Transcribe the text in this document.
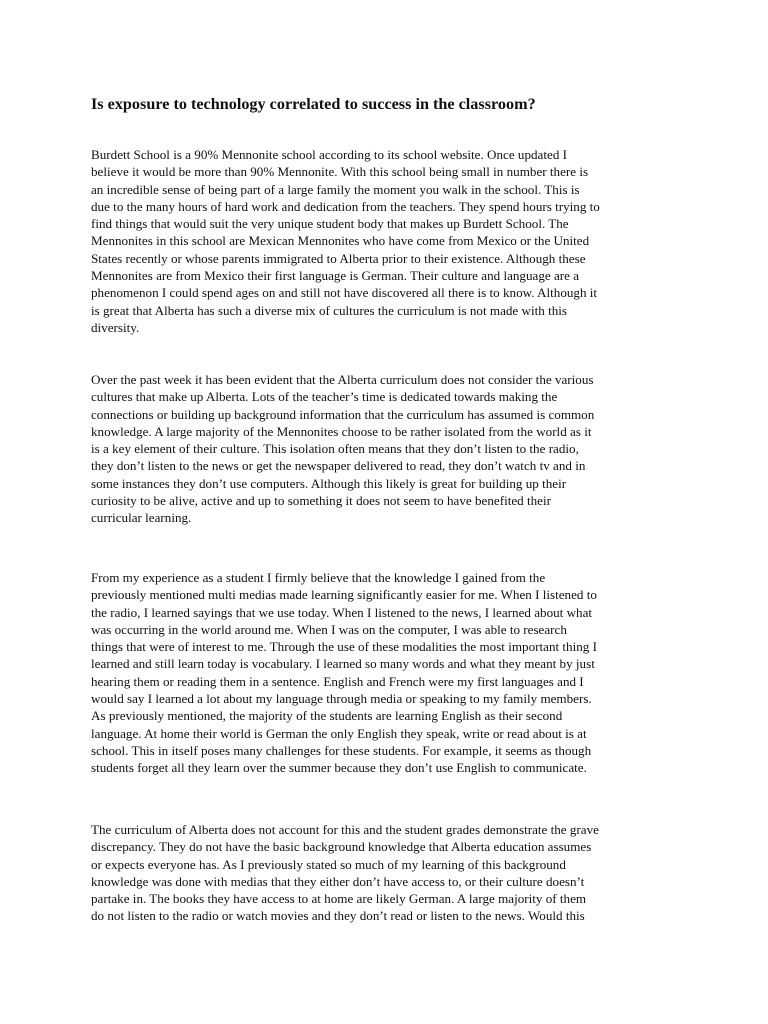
Is exposure to technology correlated to success in the classroom?

Burdett School is a 90% Mennonite school according to its school website. Once updated I
believe it would be more than 90% Mennonite. With this school being small in number there is
an incredible sense of being part of a large family the moment you walk in the school. This is
due to the many hours of hard work and dedication from the teachers. They spend hours trying to
find things that would suit the very unique student body that makes up Burdett School. The
Mennonites in this school are Mexican Mennonites who have come from Mexico or the United
States recently or whose parents immigrated to Alberta prior to their existence. Although these
Mennonites are from Mexico their first language is German. Their culture and language are a
phenomenon I could spend ages on and still not have discovered all there is to know. Although it
is great that Alberta has such a diverse mix of cultures the curriculum is not made with this
diversity.

Over the past week it has been evident that the Alberta curriculum does not consider the various
cultures that make up Alberta. Lots of the teacher’s time is dedicated towards making the
connections or building up background information that the curriculum has assumed is common
knowledge. A large majority of the Mennonites choose to be rather isolated from the world as it
is a key element of their culture. This isolation often means that they don’t listen to the radio,
they don’t listen to the news or get the newspaper delivered to read, they don’t watch tv and in
some instances they don’t use computers. Although this likely is great for building up their
curiosity to be alive, active and up to something it does not seem to have benefited their
curricular learning.

From my experience as a student I firmly believe that the knowledge I gained from the
previously mentioned multi medias made learning significantly easier for me. When I listened to
the radio, I learned sayings that we use today. When I listened to the news, I learned about what
was occurring in the world around me. When I was on the computer, I was able to research
things that were of interest to me. Through the use of these modalities the most important thing I
learned and still learn today is vocabulary. I learned so many words and what they meant by just
hearing them or reading them in a sentence. English and French were my first languages and I
would say I learned a lot about my language through media or speaking to my family members.
As previously mentioned, the majority of the students are learning English as their second
language. At home their world is German the only English they speak, write or read about is at
school. This in itself poses many challenges for these students. For example, it seems as though
students forget all they learn over the summer because they don’t use English to communicate.

The curriculum of Alberta does not account for this and the student grades demonstrate the grave
discrepancy. They do not have the basic background knowledge that Alberta education assumes
or expects everyone has. As I previously stated so much of my learning of this background
knowledge was done with medias that they either don’t have access to, or their culture doesn’t
partake in. The books they have access to at home are likely German. A large majority of them
do not listen to the radio or watch movies and they don’t read or listen to the news. Would this
